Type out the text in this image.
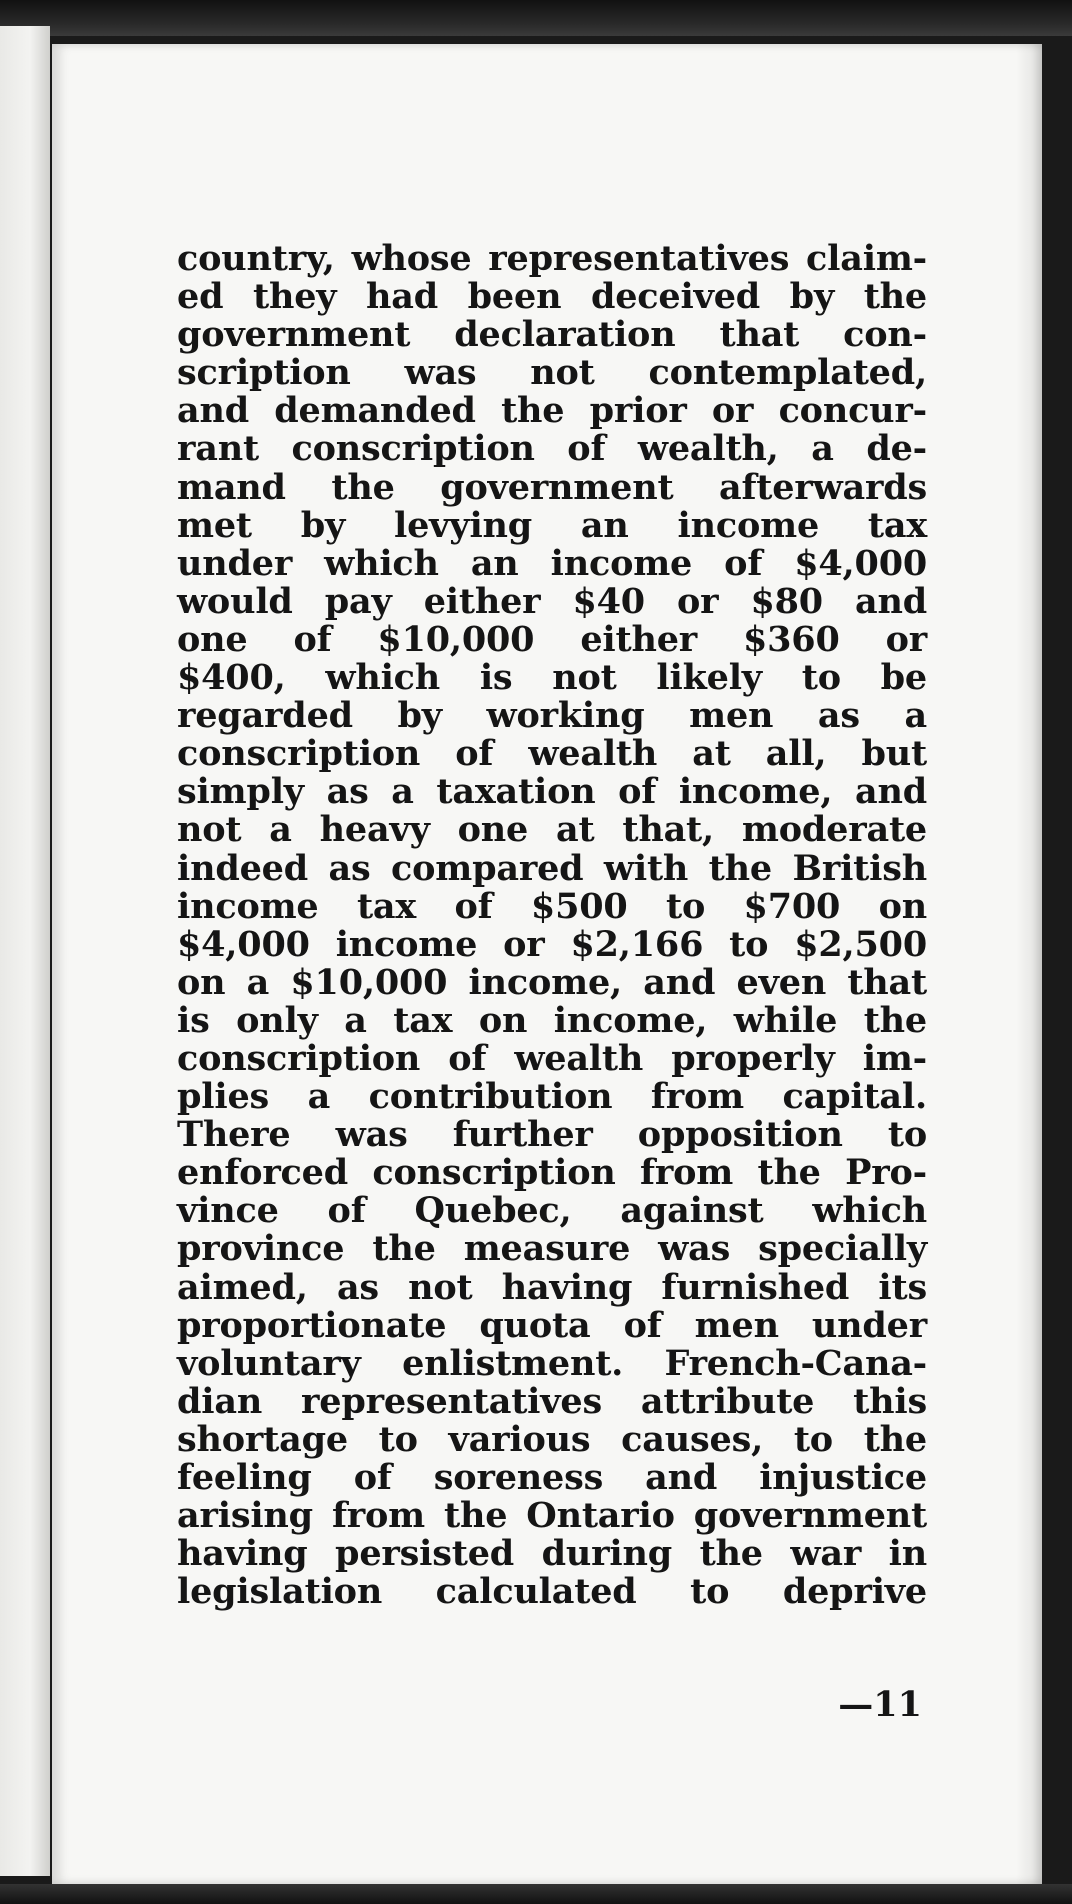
country, whose representatives claim-
ed they had been deceived by the
government declaration that con-
scription was not contemplated,
and demanded the prior or concur-
rant conscription of wealth, a de-
mand the government afterwards
met by levying an income tax
under which an income of $4,000
would pay either $40 or $80 and
one of $10,000 either $360 or
$400, which is not likely to be
regarded by working men as a
conscription of wealth at all, but
simply as a taxation of income, and
not a heavy one at that, moderate
indeed as compared with the British
income tax of $500 to $700 on
$4,000 income or $2,166 to $2,500
on a $10,000 income, and even that
is only a tax on income, while the
conscription of wealth properly im-
plies a contribution from capital.
There was further opposition to
enforced conscription from the Pro-
vince of Quebec, against which
province the measure was specially
aimed, as not having furnished its
proportionate quota of men under
voluntary enlistment. French-Cana-
dian representatives attribute this
shortage to various causes, to the
feeling of soreness and injustice
arising from the Ontario government
having persisted during the war in
legislation calculated to deprive
—11
